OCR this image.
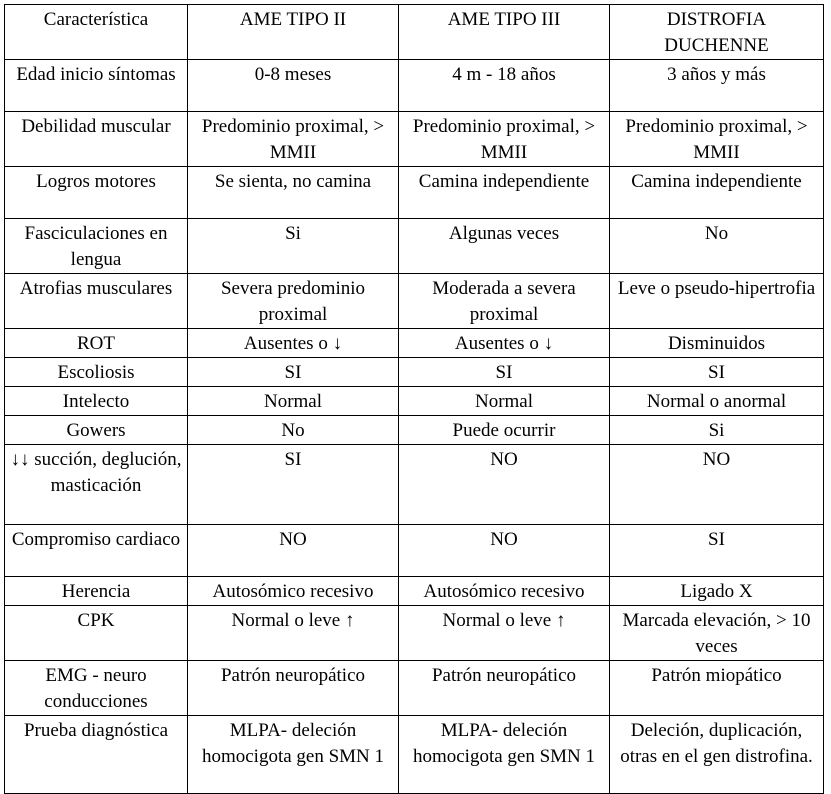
Característica	AME TIPO II	AME TIPO III	DISTROFIA DUCHENNE

Edad inicio síntomas	0-8 meses	4 m - 18 años	3 años y más

Debilidad muscular	Predominio proximal, > MMII	Predominio proximal, > MMII	Predominio proximal, > MMII

Logros motores	Se sienta, no camina	Camina independiente	Camina independiente

Fasciculaciones en lengua	Si	Algunas veces	No

Atrofias musculares	Severa predominio proximal	Moderada a severa proximal	Leve o pseudo-hipertrofia

ROT	Ausentes o ↓	Ausentes o ↓	Disminuidos

Escoliosis	SI	SI	SI

Intelecto	Normal	Normal	Normal o anormal

Gowers	No	Puede ocurrir	Si

↓↓ succión, deglución, masticación	SI	NO	NO

Compromiso cardiaco	NO	NO	SI

Herencia	Autosómico recesivo	Autosómico recesivo	Ligado X

CPK	Normal o leve ↑	Normal o leve ↑	Marcada elevación, > 10 veces

EMG - neuro conducciones	Patrón neuropático	Patrón neuropático	Patrón miopático

Prueba diagnóstica	MLPA- deleción homocigota gen SMN 1	MLPA- deleción homocigota gen SMN 1	Deleción, duplicación, otras en el gen distrofina.
